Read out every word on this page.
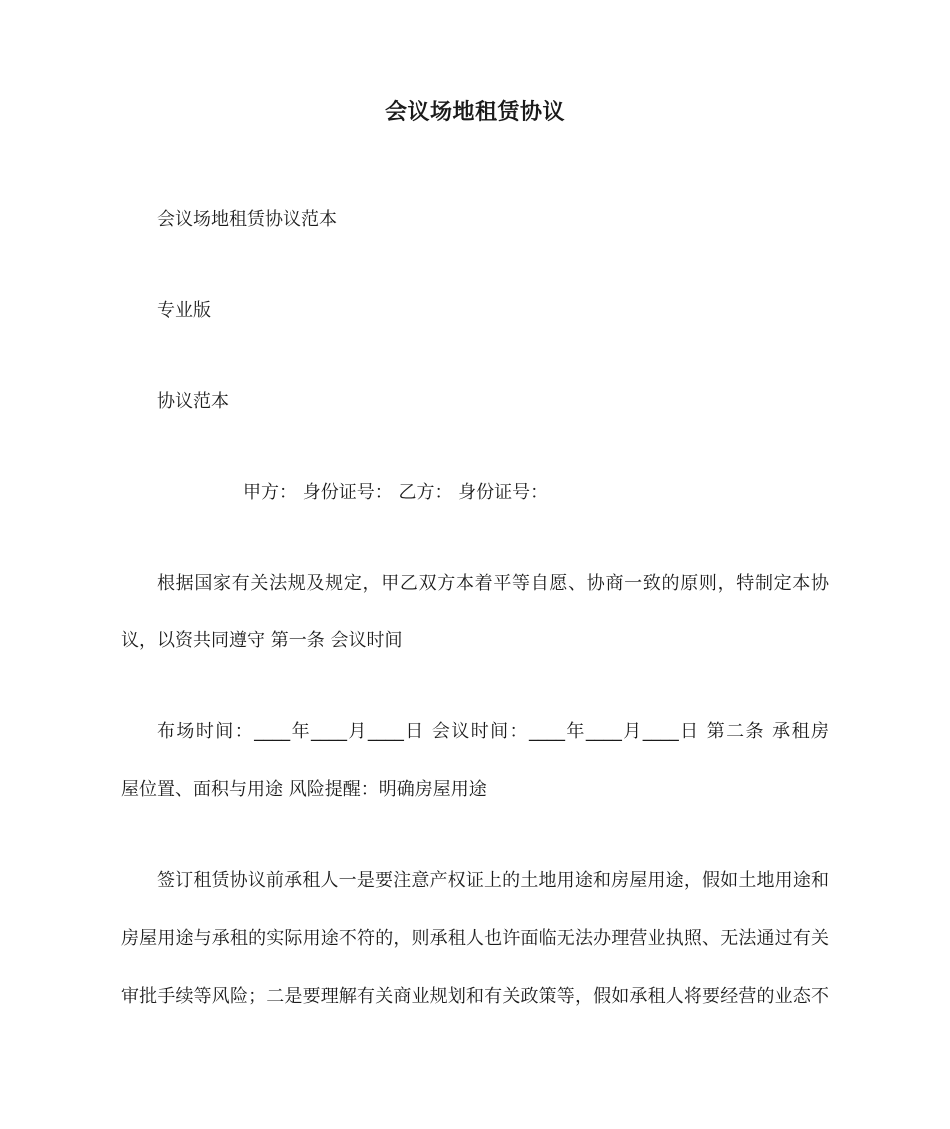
会议场地租赁协议
会议场地租赁协议范本
专业版
协议范本
甲方： 身份证号： 乙方： 身份证号：
根据国家有关法规及规定，甲乙双方本着平等自愿、协商一致的原则，特制定本协
议，以资共同遵守 第一条 会议时间
布场时间：____年____月____日 会议时间：____年____月____日 第二条 承租房
屋位置、面积与用途 风险提醒：明确房屋用途
签订租赁协议前承租人一是要注意产权证上的土地用途和房屋用途，假如土地用途和
房屋用途与承租的实际用途不符的，则承租人也许面临无法办理营业执照、无法通过有关
审批手续等风险；二是要理解有关商业规划和有关政策等，假如承租人将要经营的业态不
